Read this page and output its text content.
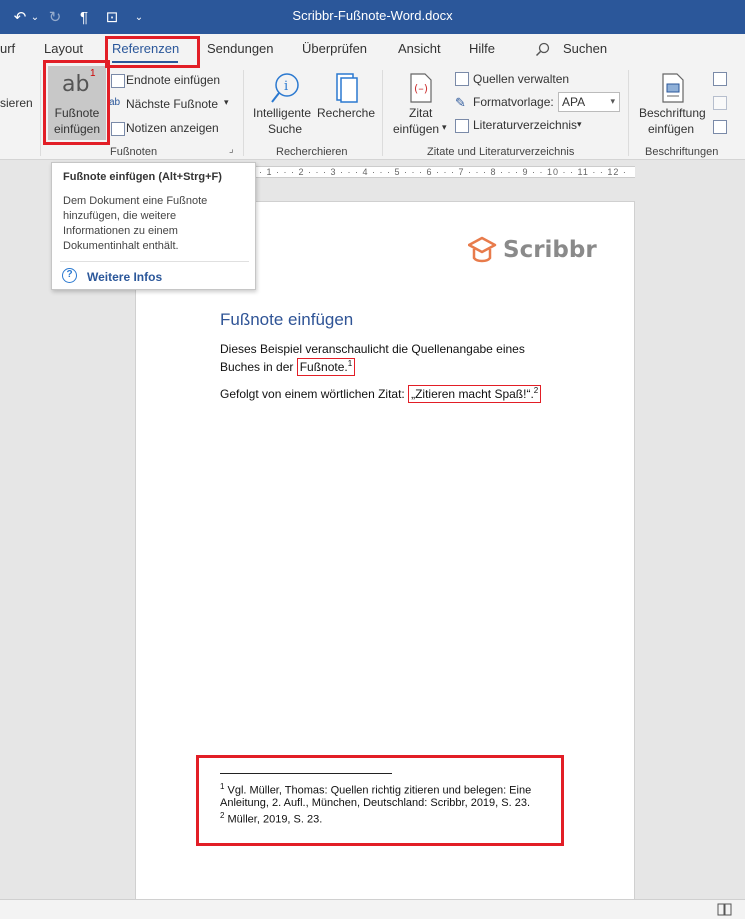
↶ ⌄ ↻	¶	⊡	⌄	Scribbr-Fußnote-Word.docx
urf Layout Referenzen Sendungen Überprüfen Ansicht Hilfe	Suchen
sieren
Endnote einfügen
ab Nächste Fußnote ▾
Notizen anzeigen
Fußnoten	⌟
i
Intelligente
Suche
Recherche
Recherchieren
(–)
Zitat
einfügen ▾
Quellen verwalten
✎ Formatvorlage: APA	▾
Literaturverzeichnis ▾
Zitate und Literaturverzeichnis
Beschriftung
einfügen
Beschriftungen
ab 1
Fußnote
einfügen
· 1 · · · 2 · · · 3 · · · 4 · · · 5 · · · 6 · · · 7 · · · 8 · · · 9 · · 10 · · 11 · · 12 ·
Scribbr
Fußnote einfügen
Dieses Beispiel veranschaulicht die Quellenangabe eines
Buches in der Fußnote.$^1$
Gefolgt von einem wörtlichen Zitat: „Zitieren macht Spaß!“.$^2$
$^1$ Vgl. Müller, Thomas: Quellen richtig zitieren und belegen: Eine
Anleitung, 2. Aufl., München, Deutschland: Scribbr, 2019, S. 23.
$^2$ Müller, 2019, S. 23.
Fußnote einfügen (Alt+Strg+F)
Dem Dokument eine Fußnote
hinzufügen, die weitere
Informationen zu einem
Dokumentinhalt enthält.
?	Weitere Infos
